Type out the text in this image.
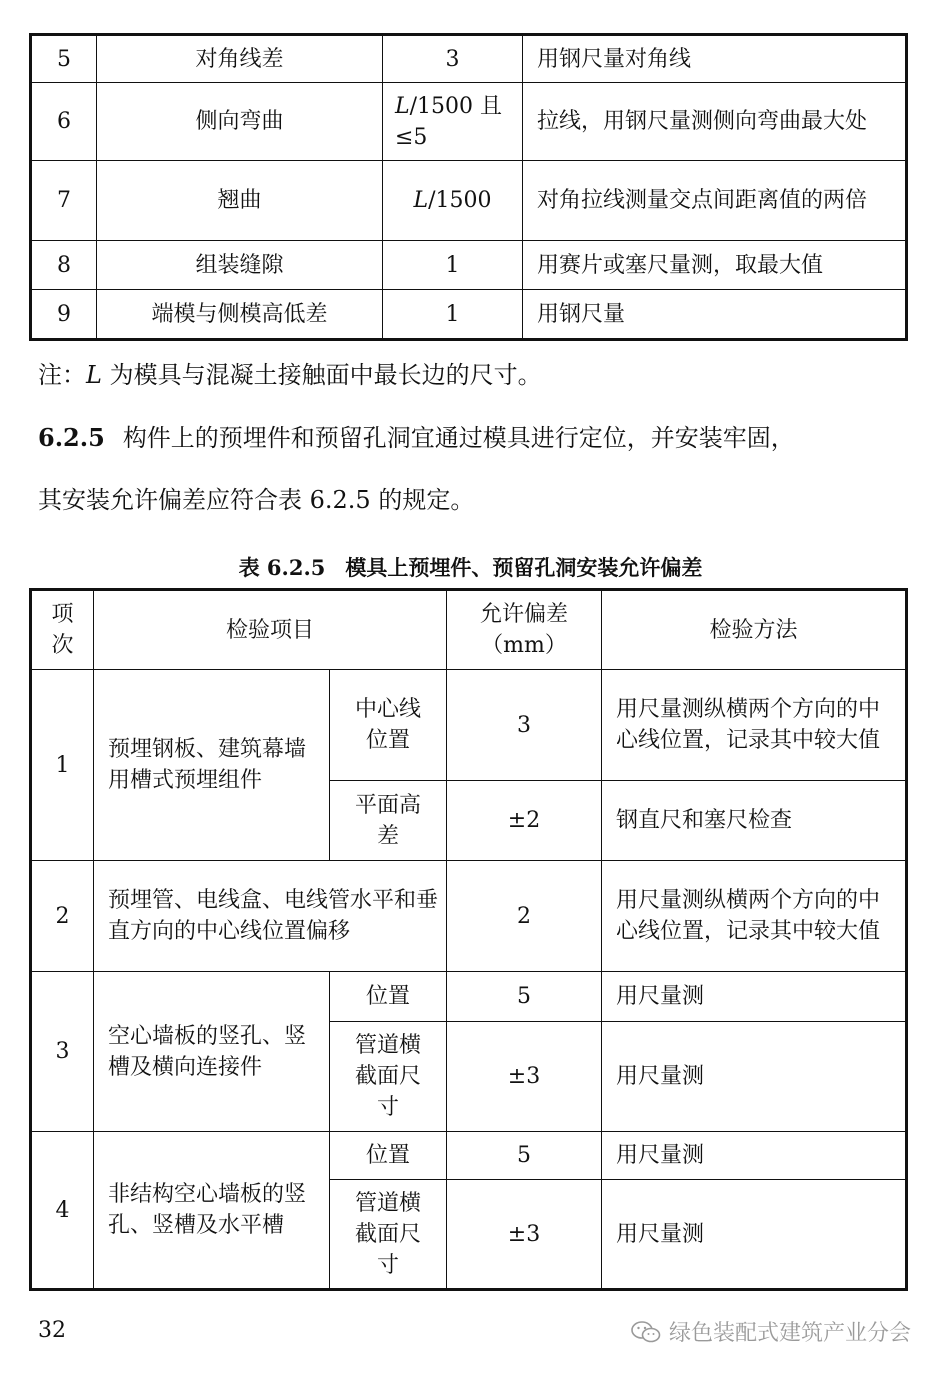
5	对角线差	3	用钢尺量对角线
6	侧向弯曲	L/1500 且≤5	拉线，用钢尺量测侧向弯曲最大处
7	翘曲	L/1500	对角拉线测量交点间距离值的两倍
8	组装缝隙	1	用赛片或塞尺量测，取最大值
9	端模与侧模高低差	1	用钢尺量
注：L 为模具与混凝土接触面中最长边的尺寸。
6.2.5 构件上的预埋件和预留孔洞宜通过模具进行定位，并安装牢固，
其安装允许偏差应符合表 6.2.5 的规定。
表 6.2.5 模具上预埋件、预留孔洞安装允许偏差
项次	检验项目		允许偏差（mm）	检验方法
1	预埋钢板、建筑幕墙用槽式预埋组件	中心线位置	3	用尺量测纵横两个方向的中心线位置，记录其中较大值
		平面高差	±2	钢直尺和塞尺检查
2	预埋管、电线盒、电线管水平和垂直方向的中心线位置偏移		2	用尺量测纵横两个方向的中心线位置，记录其中较大值
3	空心墙板的竖孔、竖槽及横向连接件	位置	5	用尺量测
		管道横截面尺寸	±3	用尺量测
4	非结构空心墙板的竖孔、竖槽及水平槽	位置	5	用尺量测
		管道横截面尺寸	±3	用尺量测
32	绿色装配式建筑产业分会
